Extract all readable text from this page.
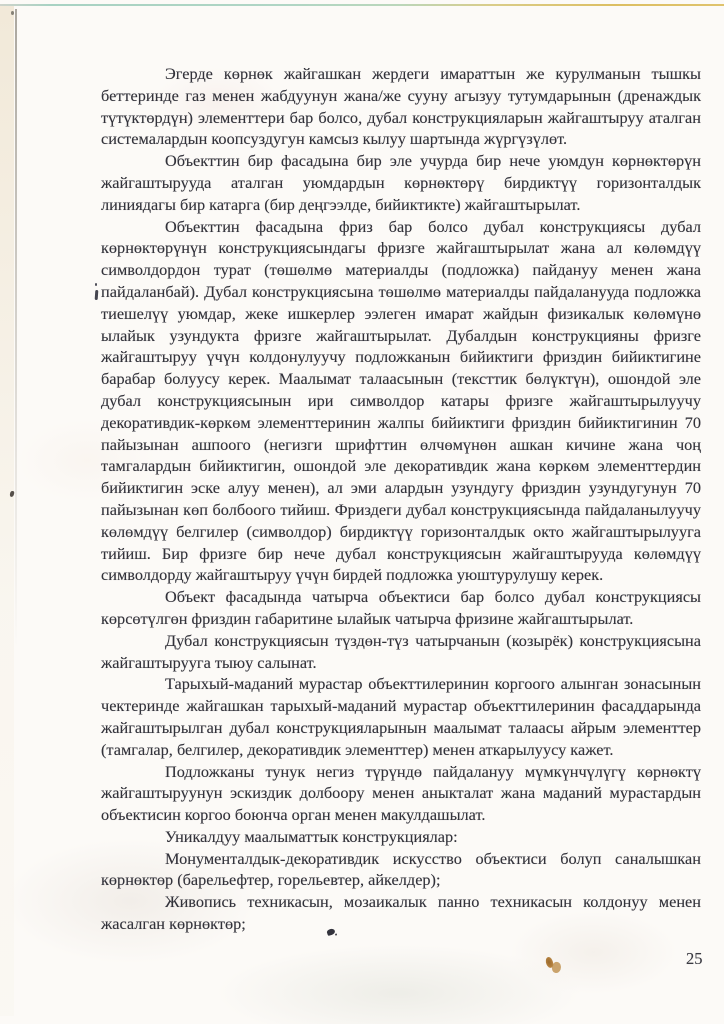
Эгерде көрнөк жайгашкан жердеги имараттын же курулманын тышкы беттеринде газ менен жабдуунун жана/же сууну агызуу тутумдарынын (дренаждык түтүктөрдүн) элементтери бар болсо, дубал конструкцияларын жайгаштыруу аталган системалардын коопсуздугун камсыз кылуу шартында жүргүзүлөт.

Объекттин бир фасадына бир эле учурда бир нече уюмдун көрнөктөрүн жайгаштырууда аталган уюмдардын көрнөктөрү бирдиктүү горизонталдык линиядагы бир катарга (бир деңгээлде, бийиктикте) жайгаштырылат.

Объекттин фасадына фриз бар болсо дубал конструкциясы дубал көрнөктөрүнүн конструкциясындагы фризге жайгаштырылат жана ал көлөмдүү символдордон турат (төшөлмө материалды (подложка) пайдануу менен жана пайдаланбай). Дубал конструкциясына төшөлмө материалды пайдаланууда подложка тиешелүү уюмдар, жеке ишкерлер ээлеген имарат жайдын физикалык көлөмүнө ылайык узундукта фризге жайгаштырылат. Дубалдын конструкцияны фризге жайгаштыруу үчүн колдонулуучу подложканын бийиктиги фриздин бийиктигине барабар болуусу керек. Маалымат талаасынын (тексттик бөлүктүн), ошондой эле дубал конструкциясынын ири символдор катары фризге жайгаштырылуучу декоративдик-көркөм элементтеринин жалпы бийиктиги фриздин бийиктигинин 70 пайызынан ашпоого (негизги шрифттин өлчөмүнөн ашкан кичине жана чоң тамгалардын бийиктигин, ошондой эле декоративдик жана көркөм элементтердин бийиктигин эске алуу менен), ал эми алардын узундугу фриздин узундугунун 70 пайызынан көп болбоого тийиш. Фриздеги дубал конструкциясында пайдаланылуучу көлөмдүү белгилер (символдор) бирдиктүү горизонталдык окто жайгаштырылууга тийиш. Бир фризге бир нече дубал конструкциясын жайгаштырууда көлөмдүү символдорду жайгаштыруу үчүн бирдей подложка уюштурулушу керек.

Объект фасадында чатырча объектиси бар болсо дубал конструкциясы көрсөтүлгөн фриздин габаритине ылайык чатырча фризине жайгаштырылат.

Дубал конструкциясын түздөн-түз чатырчанын (козырёк) конструкциясына жайгаштырууга тыюу салынат.

Тарыхый-маданий мурастар объекттилеринин коргоого алынган зонасынын чектеринде жайгашкан тарыхый-маданий мурастар объекттилеринин фасаддарында жайгаштырылган дубал конструкцияларынын маалымат талаасы айрым элементтер (тамгалар, белгилер, декоративдик элементтер) менен аткарылуусу кажет.

Подложканы тунук негиз түрүндө пайдалануу мүмкүнчүлүгү көрнөктү жайгаштыруунун эскиздик долбоору менен аныкталат жана маданий мурастардын объектисин коргоо боюнча орган менен макулдашылат.

Уникалдуу маалыматтык конструкциялар:

Монументалдык-декоративдик искусство объектиси болуп саналышкан көрнөктөр (барельефтер, горельевтер, айкелдер);

Живопись техникасын, мозаикалык панно техникасын колдонуу менен жасалган көрнөктөр;

25
